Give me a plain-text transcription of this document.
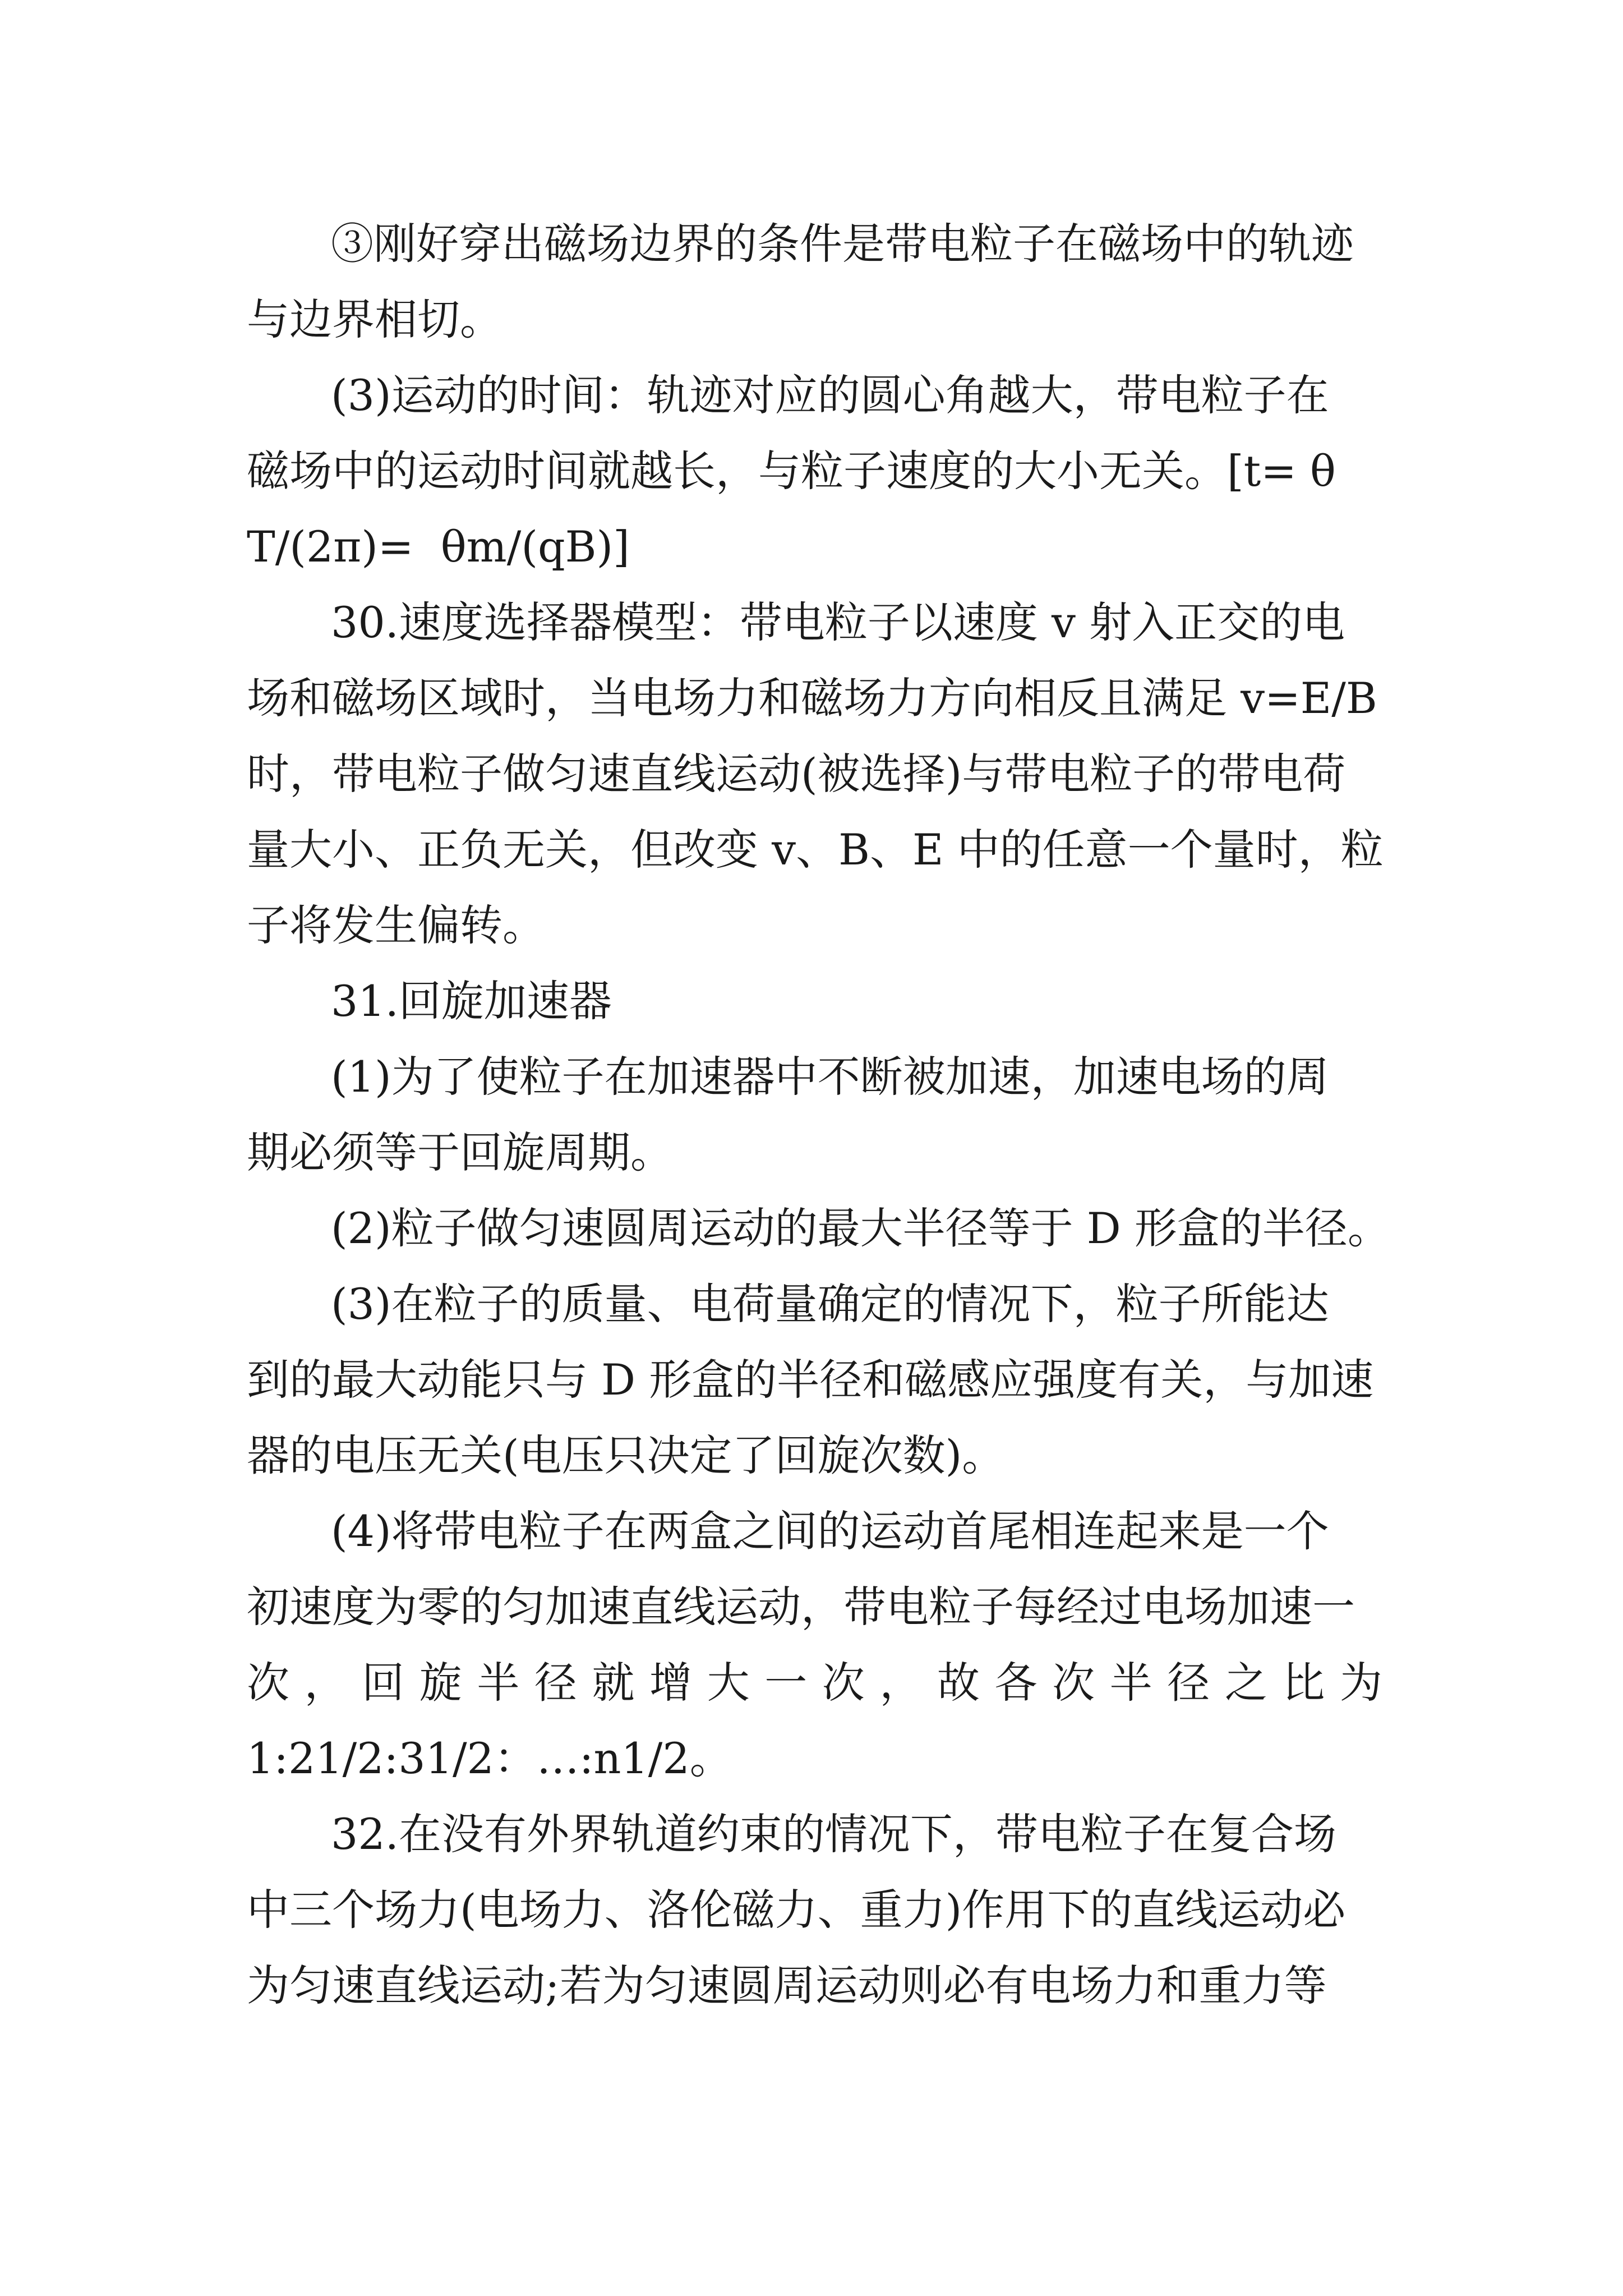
③刚好穿出磁场边界的条件是带电粒子在磁场中的轨迹

与边界相切。

(3)运动的时间：轨迹对应的圆心角越大，带电粒子在

磁场中的运动时间就越长，与粒子速度的大小无关。[t= θ

T/(2π)=  θm/(qB)]

30.速度选择器模型：带电粒子以速度 v 射入正交的电

场和磁场区域时，当电场力和磁场力方向相反且满足 v=E/B

时，带电粒子做匀速直线运动(被选择)与带电粒子的带电荷

量大小、正负无关，但改变 v、B、E 中的任意一个量时，粒

子将发生偏转。

31.回旋加速器

(1)为了使粒子在加速器中不断被加速，加速电场的周

期必须等于回旋周期。

(2)粒子做匀速圆周运动的最大半径等于 D 形盒的半径。

(3)在粒子的质量、电荷量确定的情况下，粒子所能达

到的最大动能只与 D 形盒的半径和磁感应强度有关，与加速

器的电压无关(电压只决定了回旋次数)。

(4)将带电粒子在两盒之间的运动首尾相连起来是一个

初速度为零的匀加速直线运动，带电粒子每经过电场加速一

次，回旋半径就增大一次，故各次半径之比为

1:21/2:31/2：…:n1/2。

32.在没有外界轨道约束的情况下，带电粒子在复合场

中三个场力(电场力、洛伦磁力、重力)作用下的直线运动必

为匀速直线运动;若为匀速圆周运动则必有电场力和重力等
